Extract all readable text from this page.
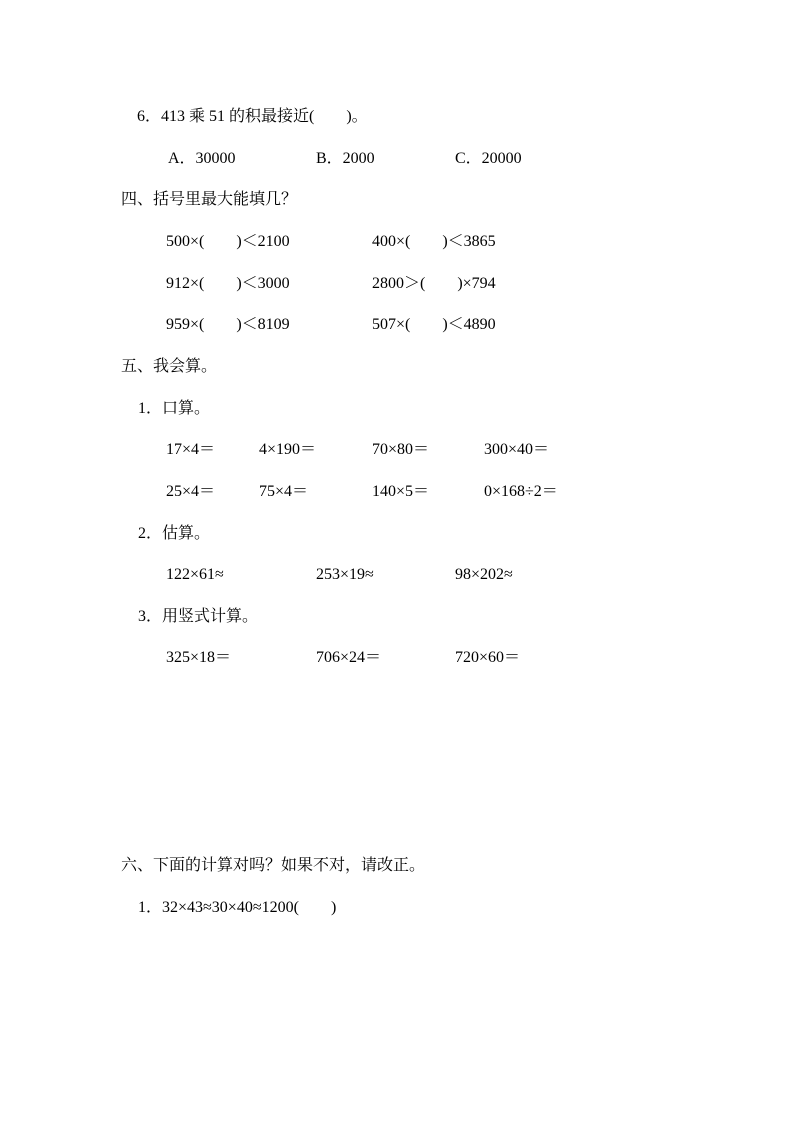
6．413 乘 51 的积最接近(　　)。
A．30000	B．2000	C．20000
四、括号里最大能填几？
500×(　　)＜2100	400×(　　)＜3865
912×(　　)＜3000	2800＞(　　)×794
959×(　　)＜8109	507×(　　)＜4890
五、我会算。
1．口算。
17×4＝	4×190＝	70×80＝	300×40＝
25×4＝	75×4＝	140×5＝	0×168÷2＝
2．估算。
122×61≈	253×19≈	98×202≈
3．用竖式计算。
325×18＝	706×24＝	720×60＝
六、下面的计算对吗？如果不对，请改正。
1．32×43≈30×40≈1200(　　)
